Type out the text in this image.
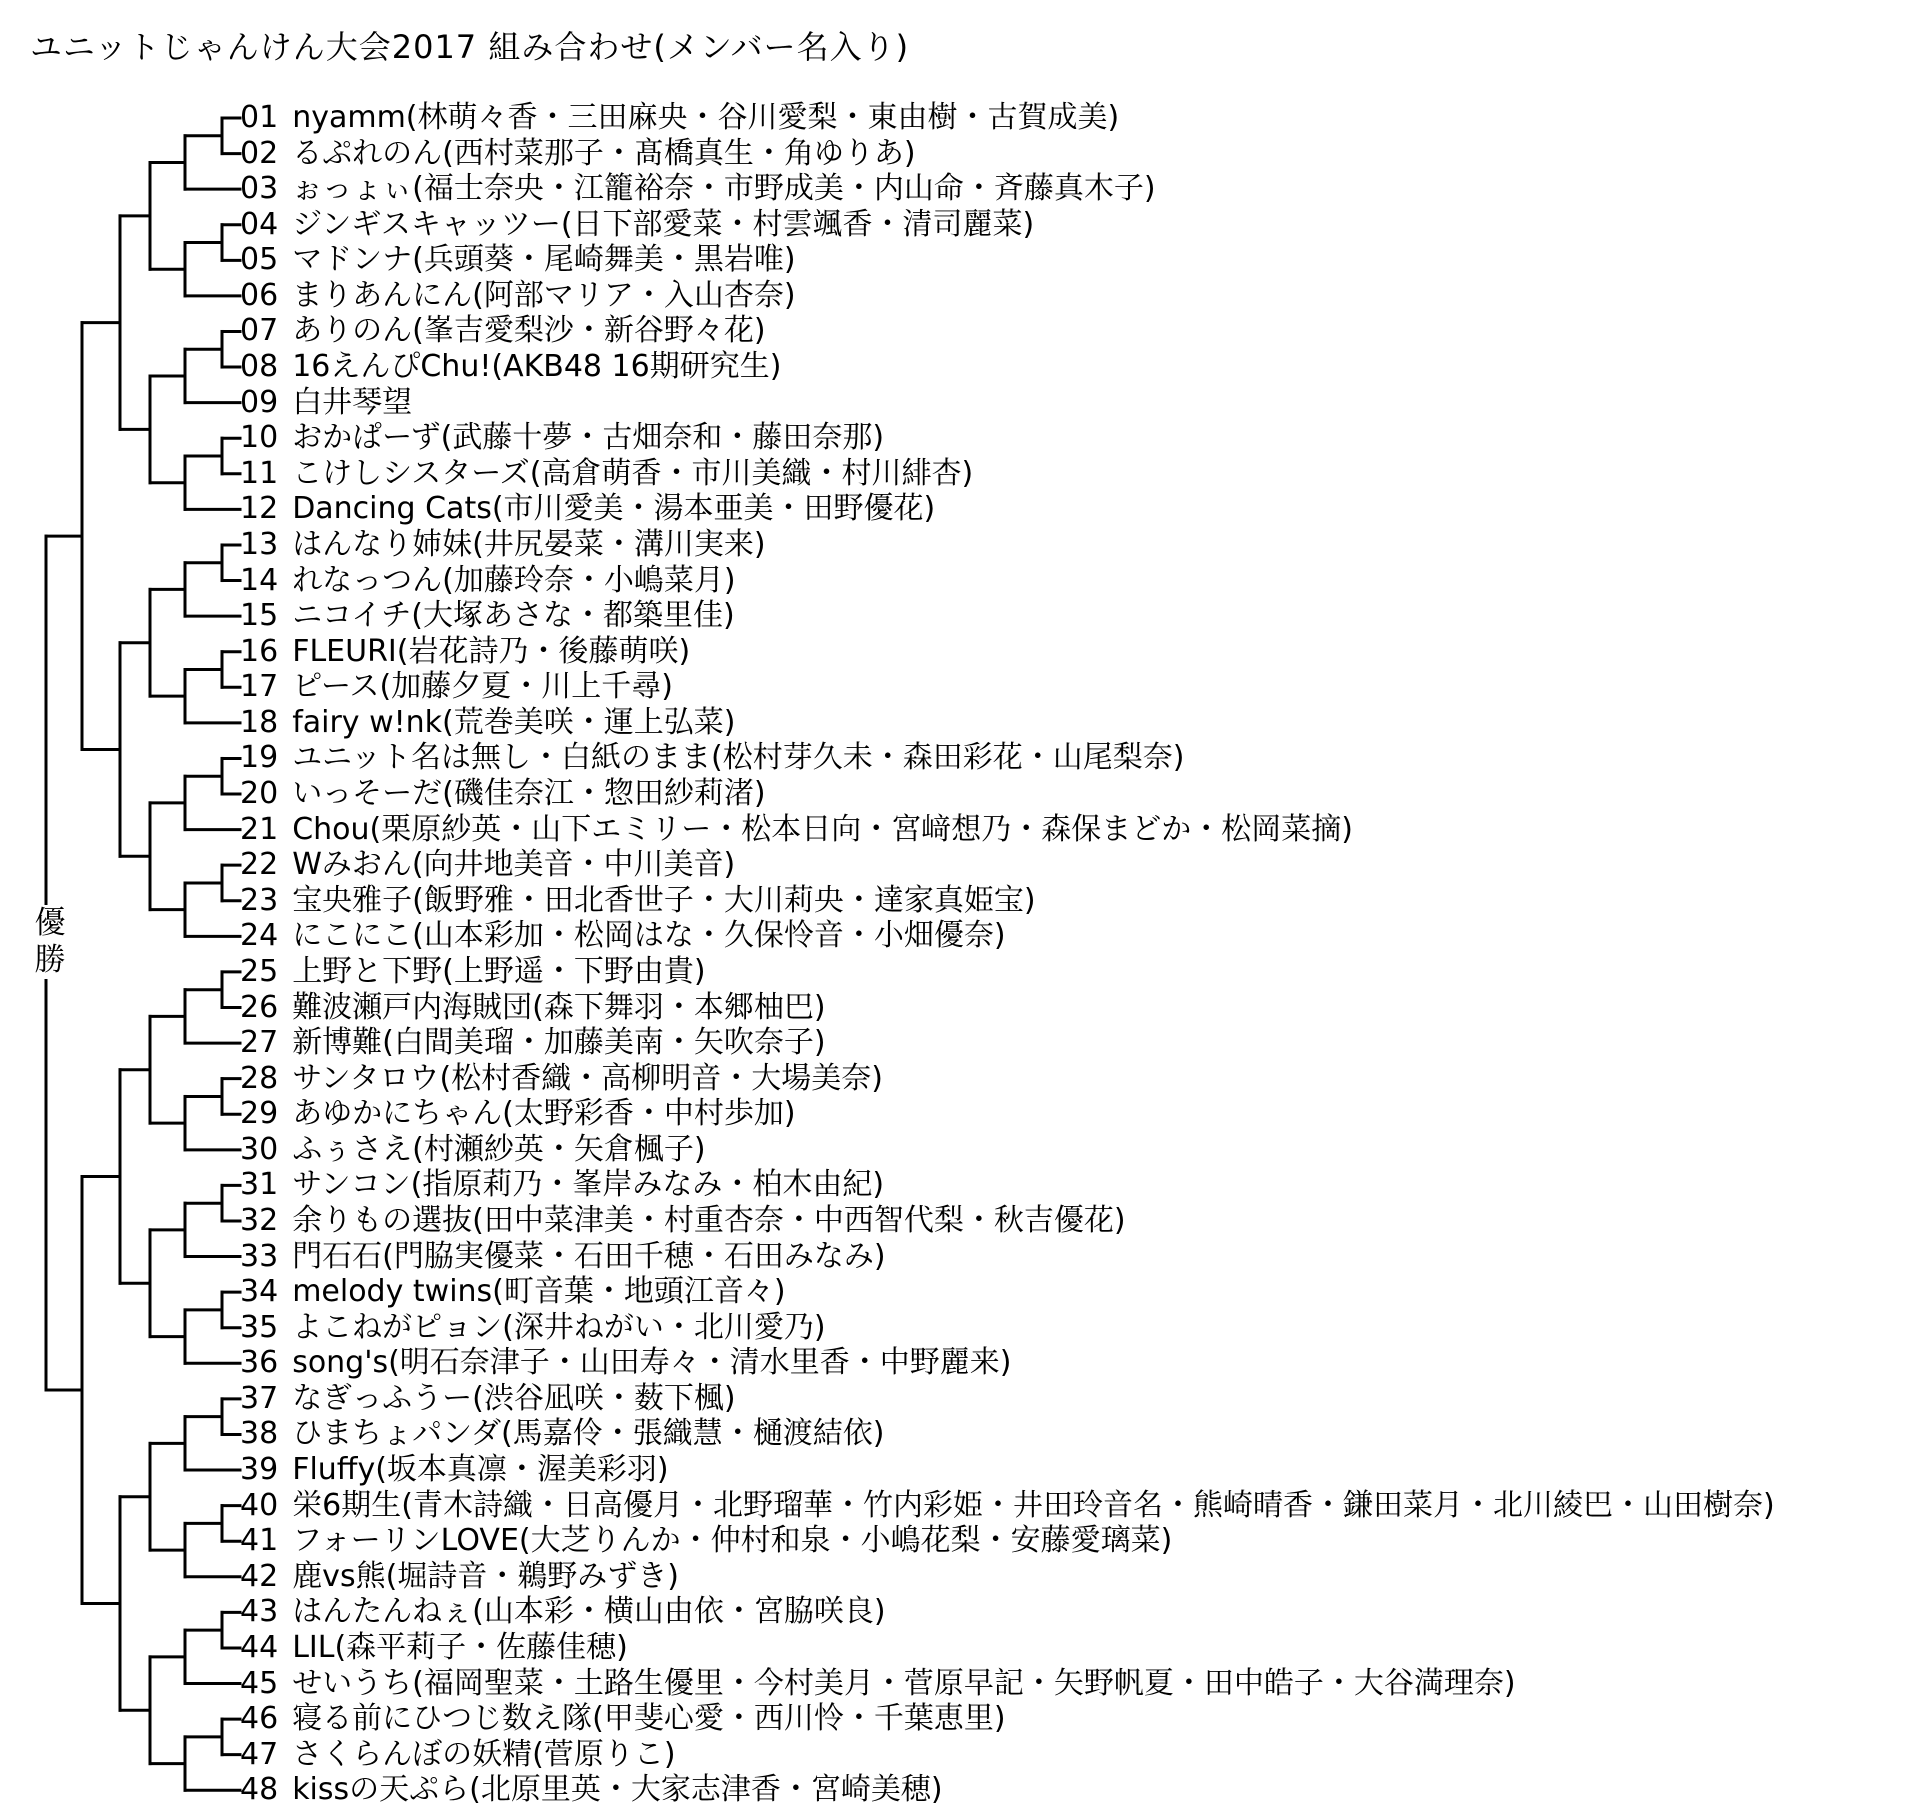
ユニットじゃんけん大会2017 組み合わせ(メンバー名入り)
01 nyamm(林萌々香・三田麻央・谷川愛梨・東由樹・古賀成美)
02 るぷれのん(西村菜那子・髙橋真生・角ゆりあ)
03 ぉっょぃ(福士奈央・江籠裕奈・市野成美・内山命・斉藤真木子)
04 ジンギスキャッツー(日下部愛菜・村雲颯香・清司麗菜)
05 マドンナ(兵頭葵・尾崎舞美・黒岩唯)
06 まりあんにん(阿部マリア・入山杏奈)
07 ありのん(峯吉愛梨沙・新谷野々花)
08 16えんぴChu!(AKB48 16期研究生)
09 白井琴望
10 おかぱーず(武藤十夢・古畑奈和・藤田奈那)
11 こけしシスターズ(高倉萌香・市川美織・村川緋杏)
12 Dancing Cats(市川愛美・湯本亜美・田野優花)
13 はんなり姉妹(井尻晏菜・溝川実来)
14 れなっつん(加藤玲奈・小嶋菜月)
15 ニコイチ(大塚あさな・都築里佳)
16 FLEURI(岩花詩乃・後藤萌咲)
17 ピース(加藤夕夏・川上千尋)
18 fairy w!nk(荒巻美咲・運上弘菜)
19 ユニット名は無し・白紙のまま(松村芽久未・森田彩花・山尾梨奈)
20 いっそーだ(磯佳奈江・惣田紗莉渚)
21 Chou(栗原紗英・山下エミリー・松本日向・宮﨑想乃・森保まどか・松岡菜摘)
22 Wみおん(向井地美音・中川美音)
23 宝央雅子(飯野雅・田北香世子・大川莉央・達家真姫宝)
24 にこにこ(山本彩加・松岡はな・久保怜音・小畑優奈)
25 上野と下野(上野遥・下野由貴)
26 難波瀬戸内海賊団(森下舞羽・本郷柚巴)
27 新博難(白間美瑠・加藤美南・矢吹奈子)
28 サンタロウ(松村香織・高柳明音・大場美奈)
29 あゆかにちゃん(太野彩香・中村歩加)
30 ふぅさえ(村瀬紗英・矢倉楓子)
31 サンコン(指原莉乃・峯岸みなみ・柏木由紀)
32 余りもの選抜(田中菜津美・村重杏奈・中西智代梨・秋吉優花)
33 門石石(門脇実優菜・石田千穂・石田みなみ)
34 melody twins(町音葉・地頭江音々)
35 よこねがピョン(深井ねがい・北川愛乃)
36 song's(明石奈津子・山田寿々・清水里香・中野麗来)
37 なぎっふうー(渋谷凪咲・薮下楓)
38 ひまちょパンダ(馬嘉伶・張織慧・樋渡結依)
39 Fluffy(坂本真凛・渥美彩羽)
40 栄6期生(青木詩織・日高優月・北野瑠華・竹内彩姫・井田玲音名・熊崎晴香・鎌田菜月・北川綾巴・山田樹奈)
41 フォーリンLOVE(大芝りんか・仲村和泉・小嶋花梨・安藤愛璃菜)
42 鹿vs熊(堀詩音・鵜野みずき)
43 はんたんねぇ(山本彩・横山由依・宮脇咲良)
44 LIL(森平莉子・佐藤佳穂)
45 せいうち(福岡聖菜・土路生優里・今村美月・菅原早記・矢野帆夏・田中皓子・大谷満理奈)
46 寝る前にひつじ数え隊(甲斐心愛・西川怜・千葉恵里)
47 さくらんぼの妖精(菅原りこ)
48 kissの天ぷら(北原里英・大家志津香・宮崎美穂)
優
勝
